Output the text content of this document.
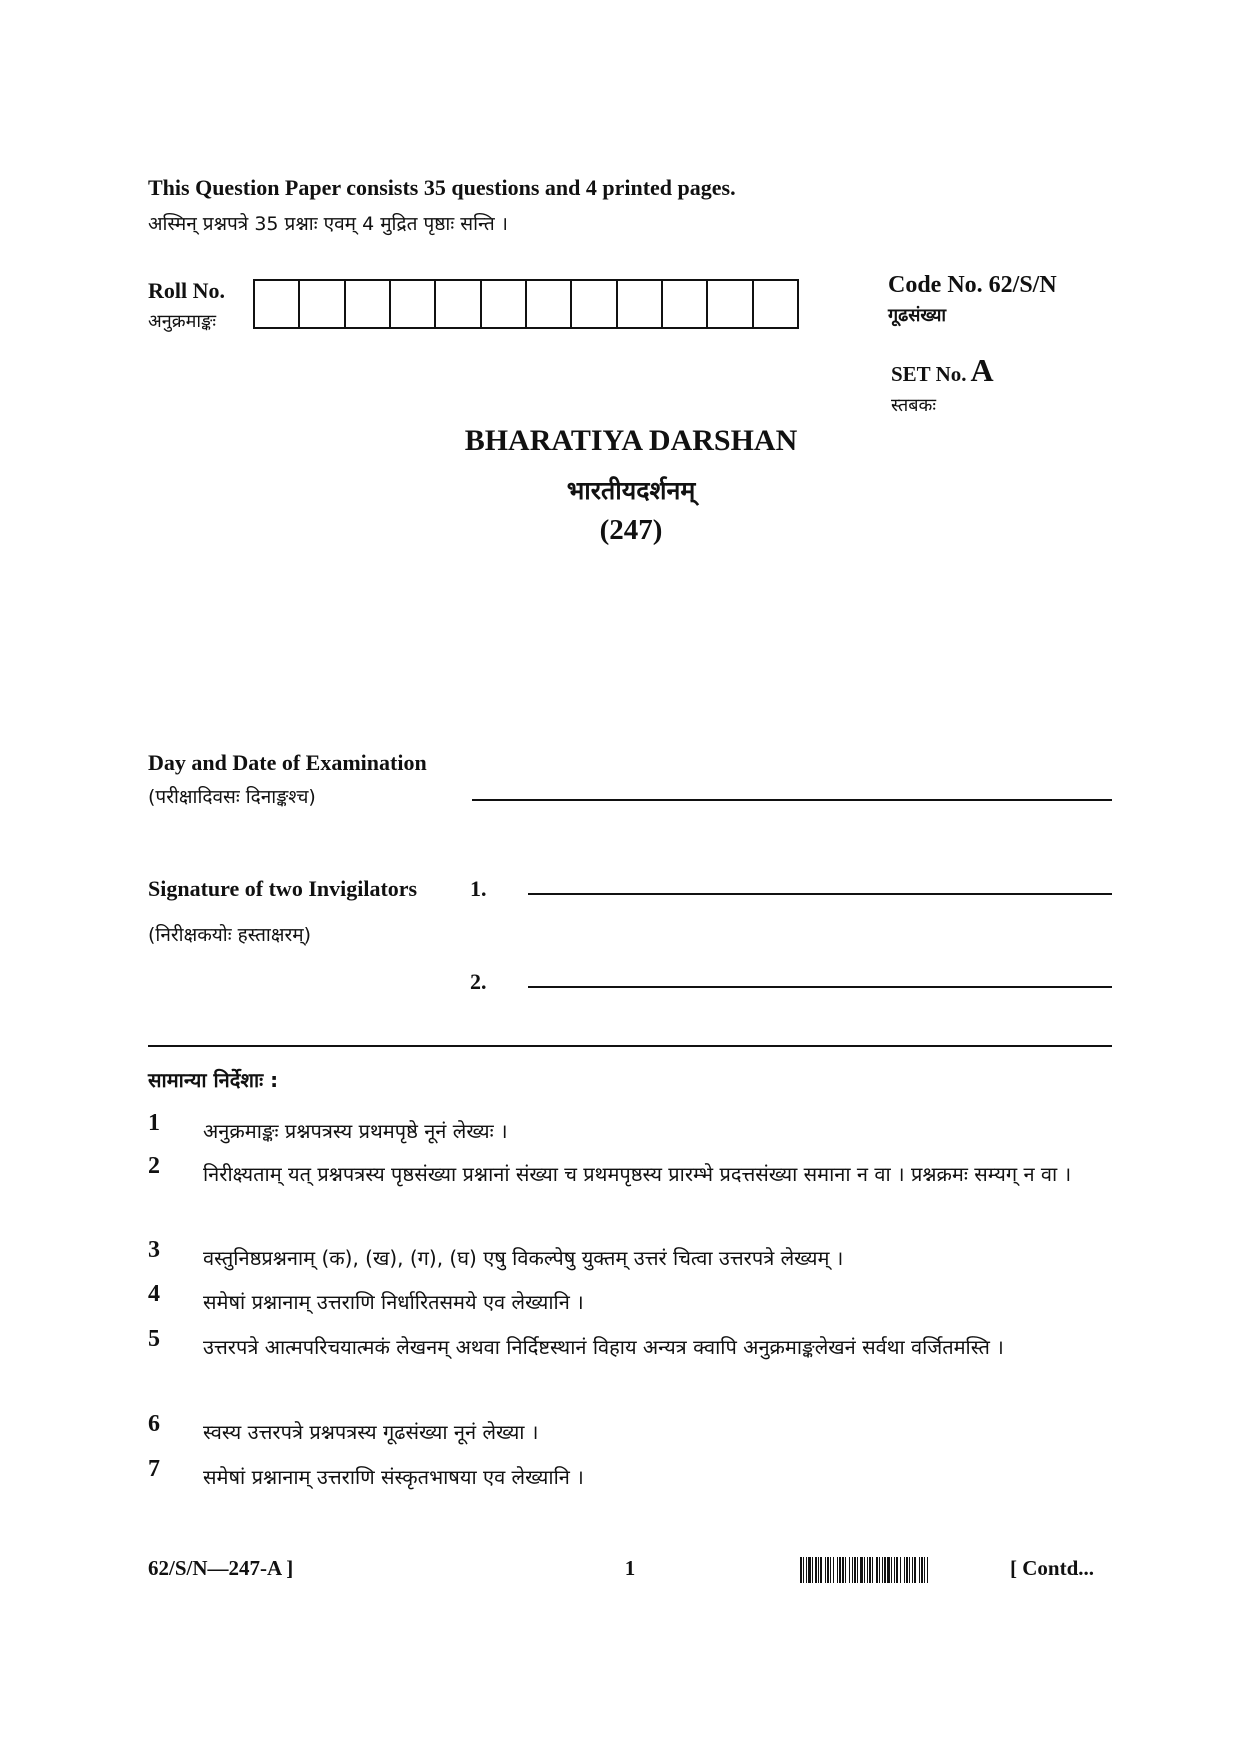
This Question Paper consists 35 questions and 4 printed pages.
अस्मिन् प्रश्नपत्रे 35 प्रश्नाः एवम् 4 मुद्रित पृष्ठाः सन्ति ।
Roll No.
अनुक्रमाङ्कः
Code No. 62/S/N
गूढसंख्या
SET No. A
स्तबकः
BHARATIYA DARSHAN
भारतीयदर्शनम्
(247)
Day and Date of Examination
(परीक्षादिवसः दिनाङ्कश्च)
Signature of two Invigilators 1.
(निरीक्षकयोः हस्ताक्षरम्)
2.
सामान्या निर्देशाः :
1 अनुक्रमाङ्कः प्रश्नपत्रस्य प्रथमपृष्ठे नूनं लेख्यः ।
2 निरीक्ष्यताम् यत् प्रश्नपत्रस्य पृष्ठसंख्या प्रश्नानां संख्या च प्रथमपृष्ठस्य प्रारम्भे प्रदत्तसंख्या समाना न वा । प्रश्नक्रमः सम्यग् न वा ।
3 वस्तुनिष्ठप्रश्ननाम् (क), (ख), (ग), (घ) एषु विकल्पेषु युक्तम् उत्तरं चित्वा उत्तरपत्रे लेख्यम् ।
4 समेषां प्रश्नानाम् उत्तराणि निर्धारितसमये एव लेख्यानि ।
5 उत्तरपत्रे आत्मपरिचयात्मकं लेखनम् अथवा निर्दिष्टस्थानं विहाय अन्यत्र क्वापि अनुक्रमाङ्कलेखनं सर्वथा वर्जितमस्ति ।
6 स्वस्य उत्तरपत्रे प्रश्नपत्रस्य गूढसंख्या नूनं लेख्या ।
7 समेषां प्रश्नानाम् उत्तराणि संस्कृतभाषया एव लेख्यानि ।
62/S/N—247-A ]	1	[ Contd...
